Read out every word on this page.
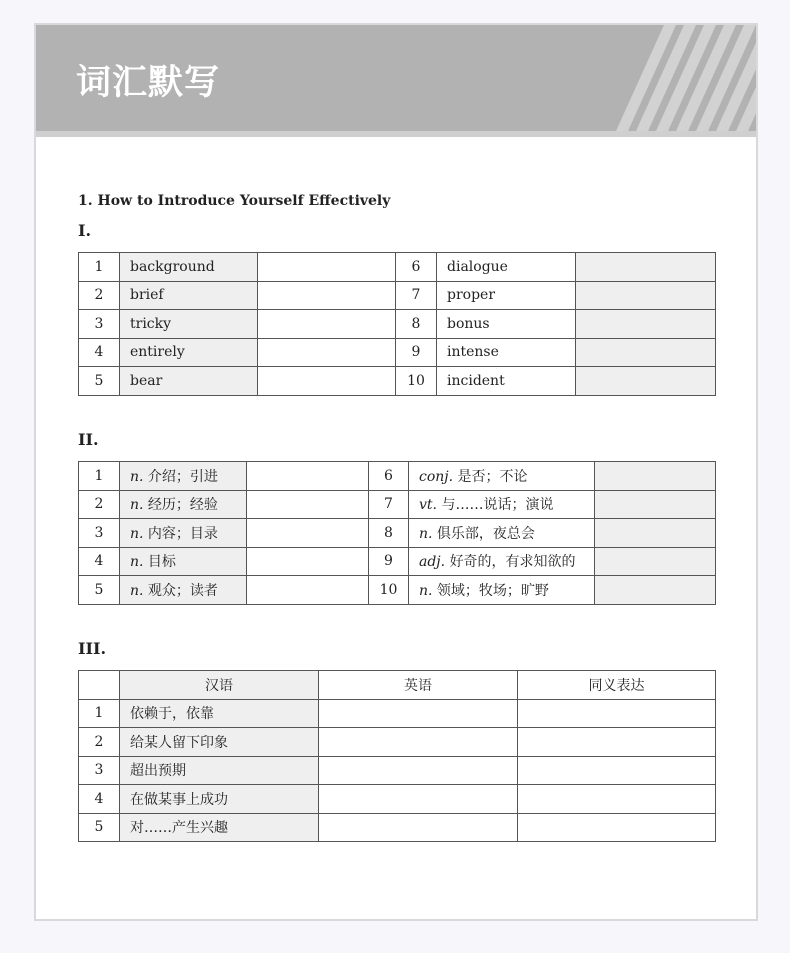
词汇默写
1. How to Introduce Yourself Effectively
I.
1	background		6	dialogue	
2	brief		7	proper	
3	tricky		8	bonus	
4	entirely		9	intense	
5	bear		10	incident	
II.
1	n. 介绍；引进		6	conj. 是否；不论	
2	n. 经历；经验		7	vt. 与……说话；演说	
3	n. 内容；目录		8	n. 俱乐部，夜总会	
4	n. 目标		9	adj. 好奇的，有求知欲的	
5	n. 观众；读者		10	n. 领域；牧场；旷野	
III.
	汉语	英语	同义表达
1	依赖于，依靠		
2	给某人留下印象		
3	超出预期		
4	在做某事上成功		
5	对……产生兴趣		
